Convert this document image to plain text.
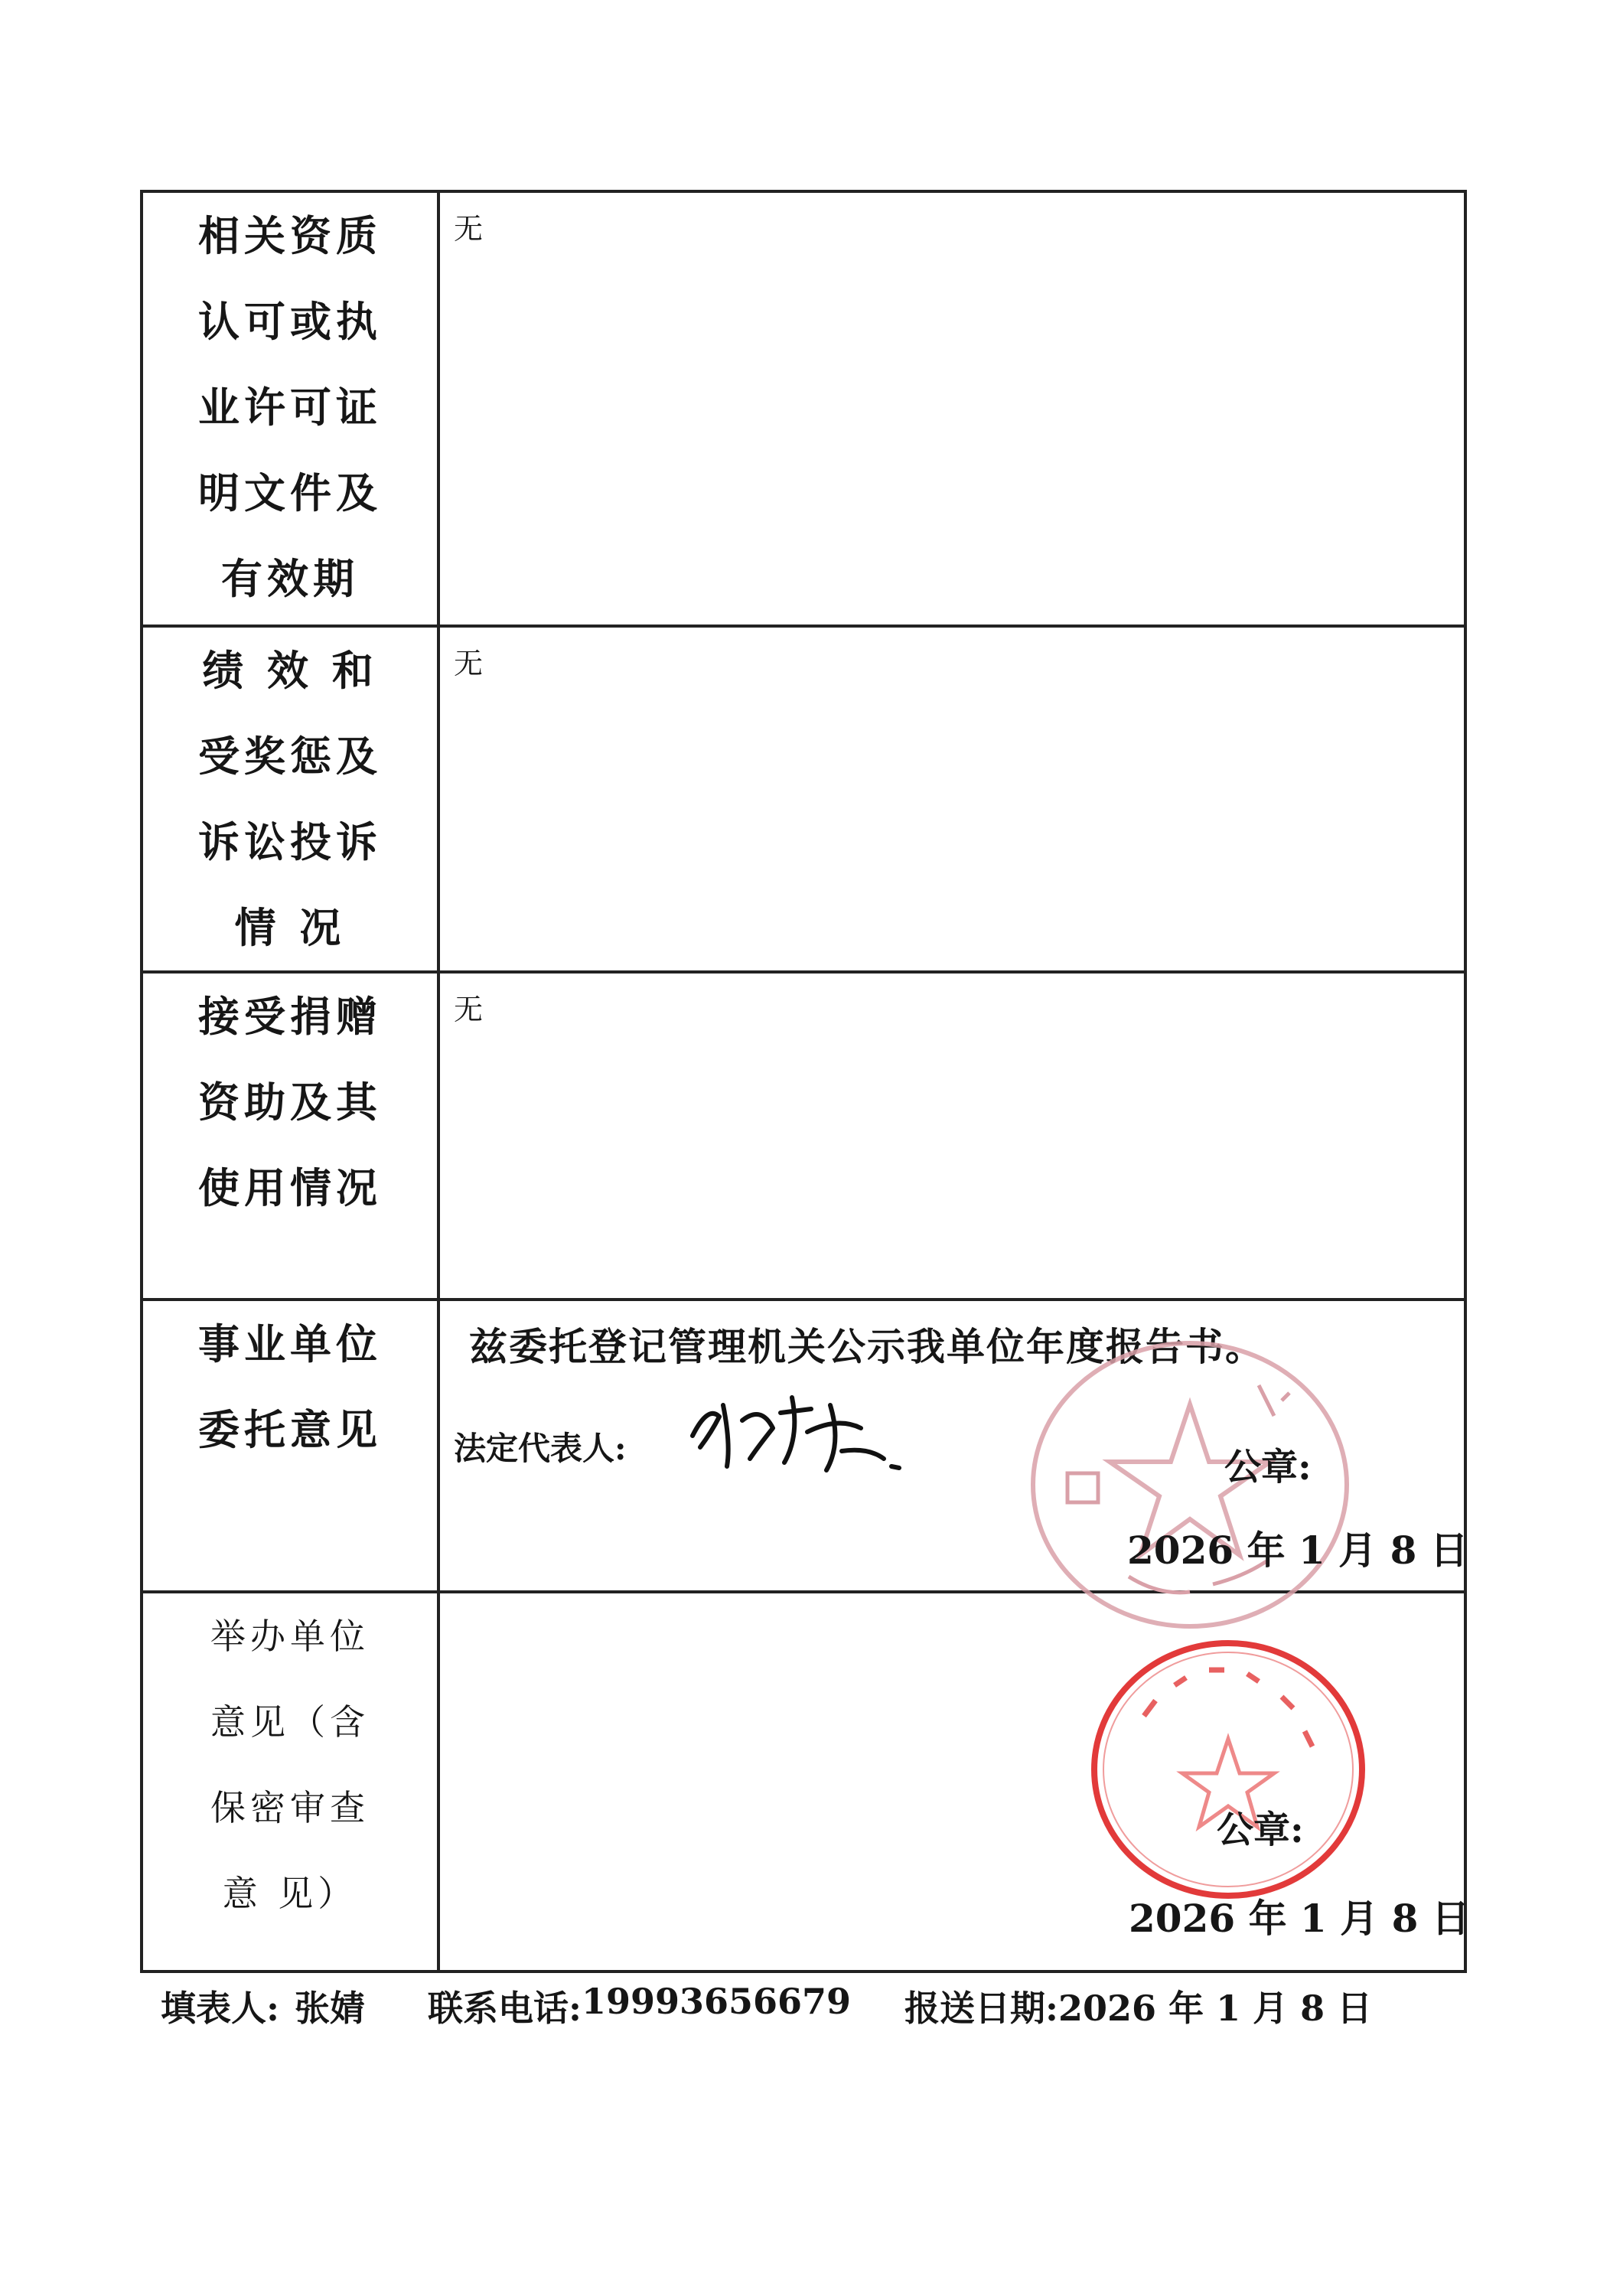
相关资质
认可或执
业许可证
明文件及
有效期	无

绩 效 和
受奖惩及
诉讼投诉
情 况	无

接受捐赠
资助及其
使用情况	无

事业单位
委托意见	兹委托登记管理机关公示我单位年度报告书。
法定代表人: 公章:
2026 年 1 月 8 日

举办单位
意见（含
保密审查
意 见）	公章:
2026 年 1 月 8 日
填表人: 张婧 联系电话: 19993656679 报送日期: 2026 年 1 月 8 日
